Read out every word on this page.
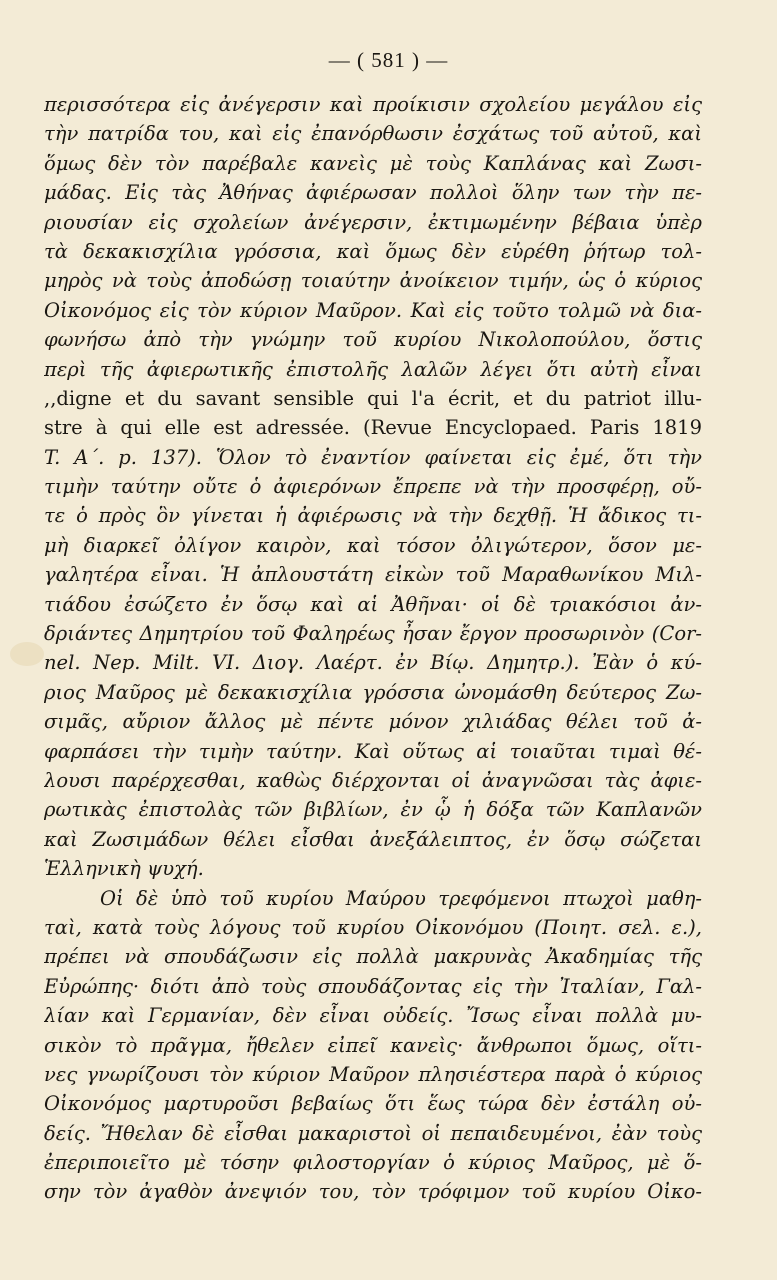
— ( 581 ) —
περισσότερα εἰς ἀνέγερσιν καὶ προίκισιν σχολείου μεγάλου εἰς
τὴν πατρίδα του, καὶ εἰς ἐπανόρθωσιν ἐσχάτως τοῦ αὐτοῦ, καὶ
ὅμως δὲν τὸν παρέβαλε κανεὶς μὲ τοὺς Καπλάνας καὶ Ζωσι-
μάδας. Εἰς τὰς Ἀθήνας ἀφιέρωσαν πολλοὶ ὅλην των τὴν πε-
ριουσίαν εἰς σχολείων ἀνέγερσιν, ἐκτιμωμένην βέβαια ὑπὲρ
τὰ δεκακισχίλια γρόσσια, καὶ ὅμως δὲν εὑρέθη ῥήτωρ τολ-
μηρὸς νὰ τοὺς ἀποδώσῃ τοιαύτην ἀνοίκειον τιμήν, ὡς ὁ κύριος
Οἰκονόμος εἰς τὸν κύριον Μαῦρον. Καὶ εἰς τοῦτο τολμῶ νὰ δια-
φωνήσω ἀπὸ τὴν γνώμην τοῦ κυρίου Νικολοπούλου, ὅστις
περὶ τῆς ἀφιερωτικῆς ἐπιστολῆς λαλῶν λέγει ὅτι αὐτὴ εἶναι
,,digne et du savant sensible qui l'a écrit, et du patriot illu-
stre à qui elle est adressée. (Revue Encyclopaed. Paris 1819
T. Α΄. p. 137). Ὅλον τὸ ἐναντίον φαίνεται εἰς ἐμέ, ὅτι τὴν
τιμὴν ταύτην οὔτε ὁ ἀφιερόνων ἔπρεπε νὰ τὴν προσφέρῃ, οὔ-
τε ὁ πρὸς ὃν γίνεται ἡ ἀφιέρωσις νὰ τὴν δεχθῇ. Ἡ ἄδικος τι-
μὴ διαρκεῖ ὀλίγον καιρὸν, καὶ τόσον ὀλιγώτερον, ὅσον με-
γαλητέρα εἶναι. Ἡ ἀπλουστάτη εἰκὼν τοῦ Μαραθωνίκου Μιλ-
τιάδου ἐσώζετο ἐν ὅσῳ καὶ αἱ Ἀθῆναι· οἱ δὲ τριακόσιοι ἀν-
δριάντες Δημητρίου τοῦ Φαληρέως ἦσαν ἔργον προσωρινὸν (Cor-
nel. Nep. Milt. VI. Διογ. Λαέρτ. ἐν Βίῳ. Δημητρ.). Ἐὰν ὁ κύ-
ριος Μαῦρος μὲ δεκακισχίλια γρόσσια ὠνομάσθη δεύτερος Ζω-
σιμᾶς, αὔριον ἄλλος μὲ πέντε μόνον χιλιάδας θέλει τοῦ ἀ-
φαρπάσει τὴν τιμὴν ταύτην. Καὶ οὕτως αἱ τοιαῦται τιμαὶ θέ-
λουσι παρέρχεσθαι, καθὼς διέρχονται οἱ ἀναγνῶσαι τὰς ἀφιε-
ρωτικὰς ἐπιστολὰς τῶν βιβλίων, ἐν ᾧ ἡ δόξα τῶν Καπλανῶν
καὶ Ζωσιμάδων θέλει εἶσθαι ἀνεξάλειπτος, ἐν ὅσῳ σώζεται
Ἑλληνικὴ ψυχή.
Οἱ δὲ ὑπὸ τοῦ κυρίου Μαύρου τρεφόμενοι πτωχοὶ μαθη-
ταὶ, κατὰ τοὺς λόγους τοῦ κυρίου Οἰκονόμου (Ποιητ. σελ. ε.),
πρέπει νὰ σπουδάζωσιν εἰς πολλὰ μακρυνὰς Ἀκαδημίας τῆς
Εὐρώπης· διότι ἀπὸ τοὺς σπουδάζοντας εἰς τὴν Ἰταλίαν, Γαλ-
λίαν καὶ Γερμανίαν, δὲν εἶναι οὐδείς. Ἴσως εἶναι πολλὰ μυ-
σικὸν τὸ πρᾶγμα, ἤθελεν εἰπεῖ κανεὶς· ἄνθρωποι ὅμως, οἵτι-
νες γνωρίζουσι τὸν κύριον Μαῦρον πλησιέστερα παρὰ ὁ κύριος
Οἰκονόμος μαρτυροῦσι βεβαίως ὅτι ἕως τώρα δὲν ἐστάλη οὐ-
δείς. Ἤθελαν δὲ εἶσθαι μακαριστοὶ οἱ πεπαιδευμένοι, ἐὰν τοὺς
ἐπεριποιεῖτο μὲ τόσην φιλοστοργίαν ὁ κύριος Μαῦρος, μὲ ὅ-
σην τὸν ἀγαθὸν ἀνεψιόν του, τὸν τρόφιμον τοῦ κυρίου Οἰκο-
